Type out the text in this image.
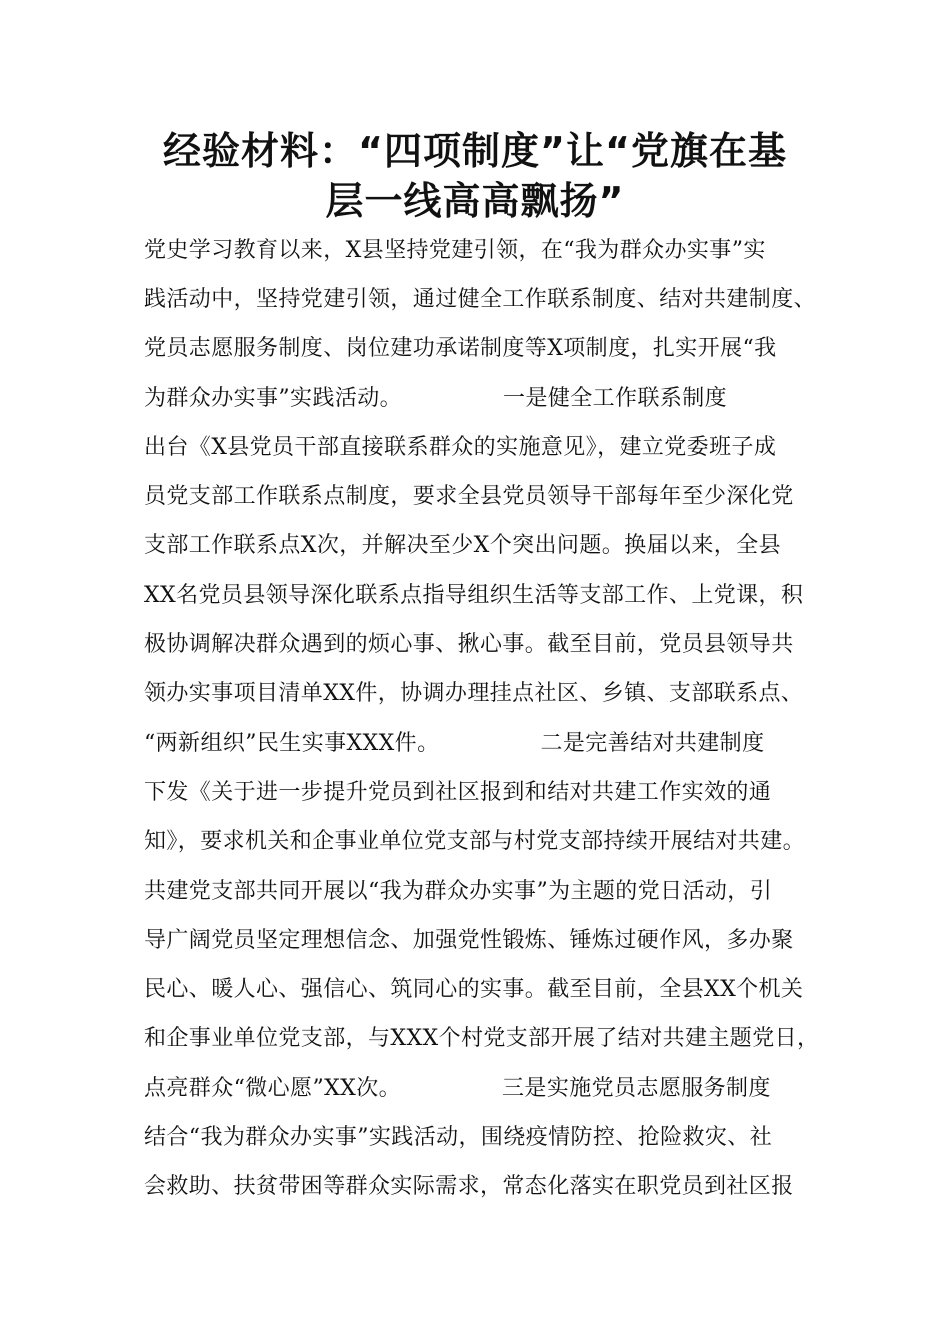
经验材料：“四项制度”让“党旗在基
层一线高高飘扬”
党史学习教育以来，X县坚持党建引领，在“我为群众办实事”实
践活动中，坚持党建引领，通过健全工作联系制度、结对共建制度、
党员志愿服务制度、岗位建功承诺制度等X项制度，扎实开展“我
为群众办实事”实践活动。　　　　　一是健全工作联系制度
出台《X县党员干部直接联系群众的实施意见》，建立党委班子成
员党支部工作联系点制度，要求全县党员领导干部每年至少深化党
支部工作联系点X次，并解决至少X个突出问题。换届以来，全县
XX名党员县领导深化联系点指导组织生活等支部工作、上党课，积
极协调解决群众遇到的烦心事、揪心事。截至目前，党员县领导共
领办实事项目清单XX件，协调办理挂点社区、乡镇、支部联系点、
“两新组织”民生实事XXX件。　　　　　二是完善结对共建制度
下发《关于进一步提升党员到社区报到和结对共建工作实效的通
知》，要求机关和企事业单位党支部与村党支部持续开展结对共建。
共建党支部共同开展以“我为群众办实事”为主题的党日活动，引
导广阔党员坚定理想信念、加强党性锻炼、锤炼过硬作风，多办聚
民心、暖人心、强信心、筑同心的实事。截至目前，全县XX个机关
和企事业单位党支部，与XXX个村党支部开展了结对共建主题党日，
点亮群众“微心愿”XX次。　　　　　三是实施党员志愿服务制度
结合“我为群众办实事”实践活动，围绕疫情防控、抢险救灾、社
会救助、扶贫带困等群众实际需求，常态化落实在职党员到社区报
